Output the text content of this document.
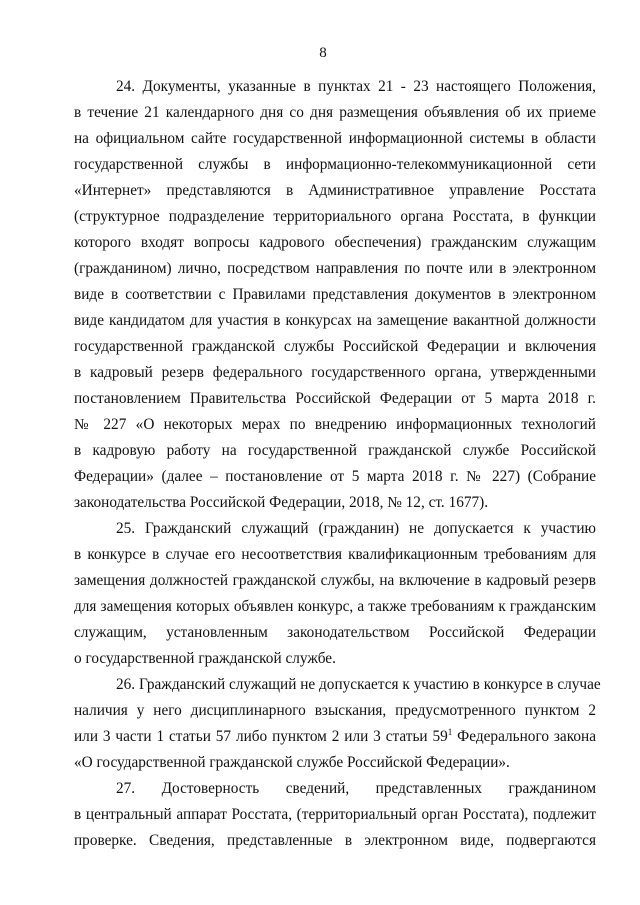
8
24. Документы, указанные в пунктах 21 - 23 настоящего Положения,
в течение 21 календарного дня со дня размещения объявления об их приеме
на официальном сайте государственной информационной системы в области
государственной службы в информационно-телекоммуникационной сети
«Интернет» представляются в Административное управление Росстата
(структурное подразделение территориального органа Росстата, в функции
которого входят вопросы кадрового обеспечения) гражданским служащим
(гражданином) лично, посредством направления по почте или в электронном
виде в соответствии с Правилами представления документов в электронном
виде кандидатом для участия в конкурсах на замещение вакантной должности
государственной гражданской службы Российской Федерации и включения
в кадровый резерв федерального государственного органа, утвержденными
постановлением Правительства Российской Федерации от 5 марта 2018 г.
№ 227 «О некоторых мерах по внедрению информационных технологий
в кадровую работу на государственной гражданской службе Российской
Федерации» (далее – постановление от 5 марта 2018 г. № 227) (Собрание
законодательства Российской Федерации, 2018, № 12, ст. 1677).
25. Гражданский служащий (гражданин) не допускается к участию
в конкурсе в случае его несоответствия квалификационным требованиям для
замещения должностей гражданской службы, на включение в кадровый резерв
для замещения которых объявлен конкурс, а также требованиям к гражданским
служащим, установленным законодательством Российской Федерации
о государственной гражданской службе.
26. Гражданский служащий не допускается к участию в конкурсе в случае
наличия у него дисциплинарного взыскания, предусмотренного пунктом 2
или 3 части 1 статьи 57 либо пунктом 2 или 3 статьи $59^1$ Федерального закона
«О государственной гражданской службе Российской Федерации».
27. Достоверность сведений, представленных гражданином
в центральный аппарат Росстата, (территориальный орган Росстата), подлежит
проверке. Сведения, представленные в электронном виде, подвергаются
